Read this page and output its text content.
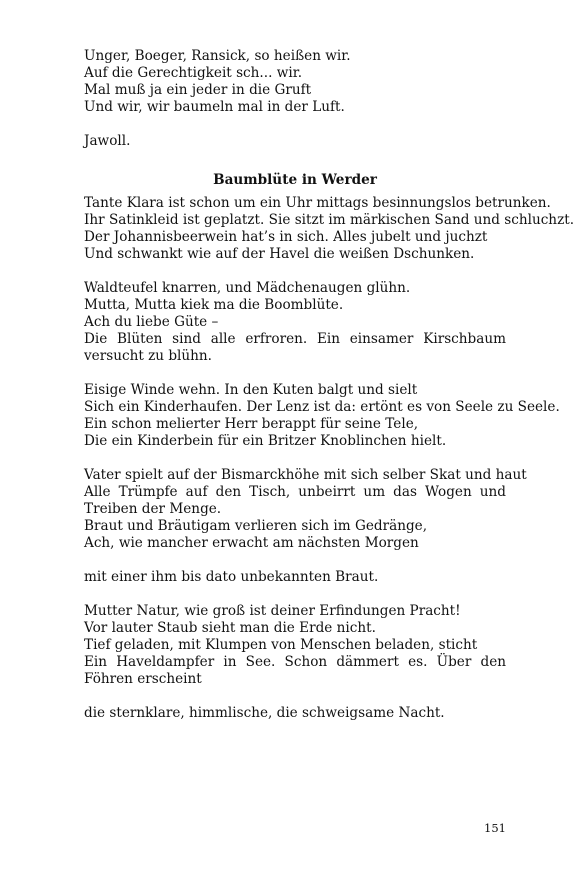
Unger, Boeger, Ransick, so heißen wir.
Auf die Gerechtigkeit sch... wir.
Mal muß ja ein jeder in die Gruft
Und wir, wir baumeln mal in der Luft.
Jawoll.
Baumblüte in Werder
Tante Klara ist schon um ein Uhr mittags besinnungslos betrunken.
Ihr Satinkleid ist geplatzt. Sie sitzt im märkischen Sand und schluchzt.
Der Johannisbeerwein hat’s in sich. Alles jubelt und juchzt
Und schwankt wie auf der Havel die weißen Dschunken.
Waldteufel knarren, und Mädchenaugen glühn.
Mutta, Mutta kiek ma die Boomblüte.
Ach du liebe Güte –
Die Blüten sind alle erfroren. Ein einsamer Kirschbaum versucht zu blühn.
Eisige Winde wehn. In den Kuten balgt und sielt
Sich ein Kinderhaufen. Der Lenz ist da: ertönt es von Seele zu Seele.
Ein schon melierter Herr berappt für seine Tele,
Die ein Kinderbein für ein Britzer Knoblinchen hielt.
Vater spielt auf der Bismarckhöhe mit sich selber Skat und haut
Alle Trümpfe auf den Tisch, unbeirrt um das Wogen und Treiben der Menge.
Braut und Bräutigam verlieren sich im Gedränge,
Ach, wie mancher erwacht am nächsten Morgen
mit einer ihm bis dato unbekannten Braut.
Mutter Natur, wie groß ist deiner Erfindungen Pracht!
Vor lauter Staub sieht man die Erde nicht.
Tief geladen, mit Klumpen von Menschen beladen, sticht
Ein Haveldampfer in See. Schon dämmert es. Über den Föhren erscheint
die sternklare, himmlische, die schweigsame Nacht.
151
